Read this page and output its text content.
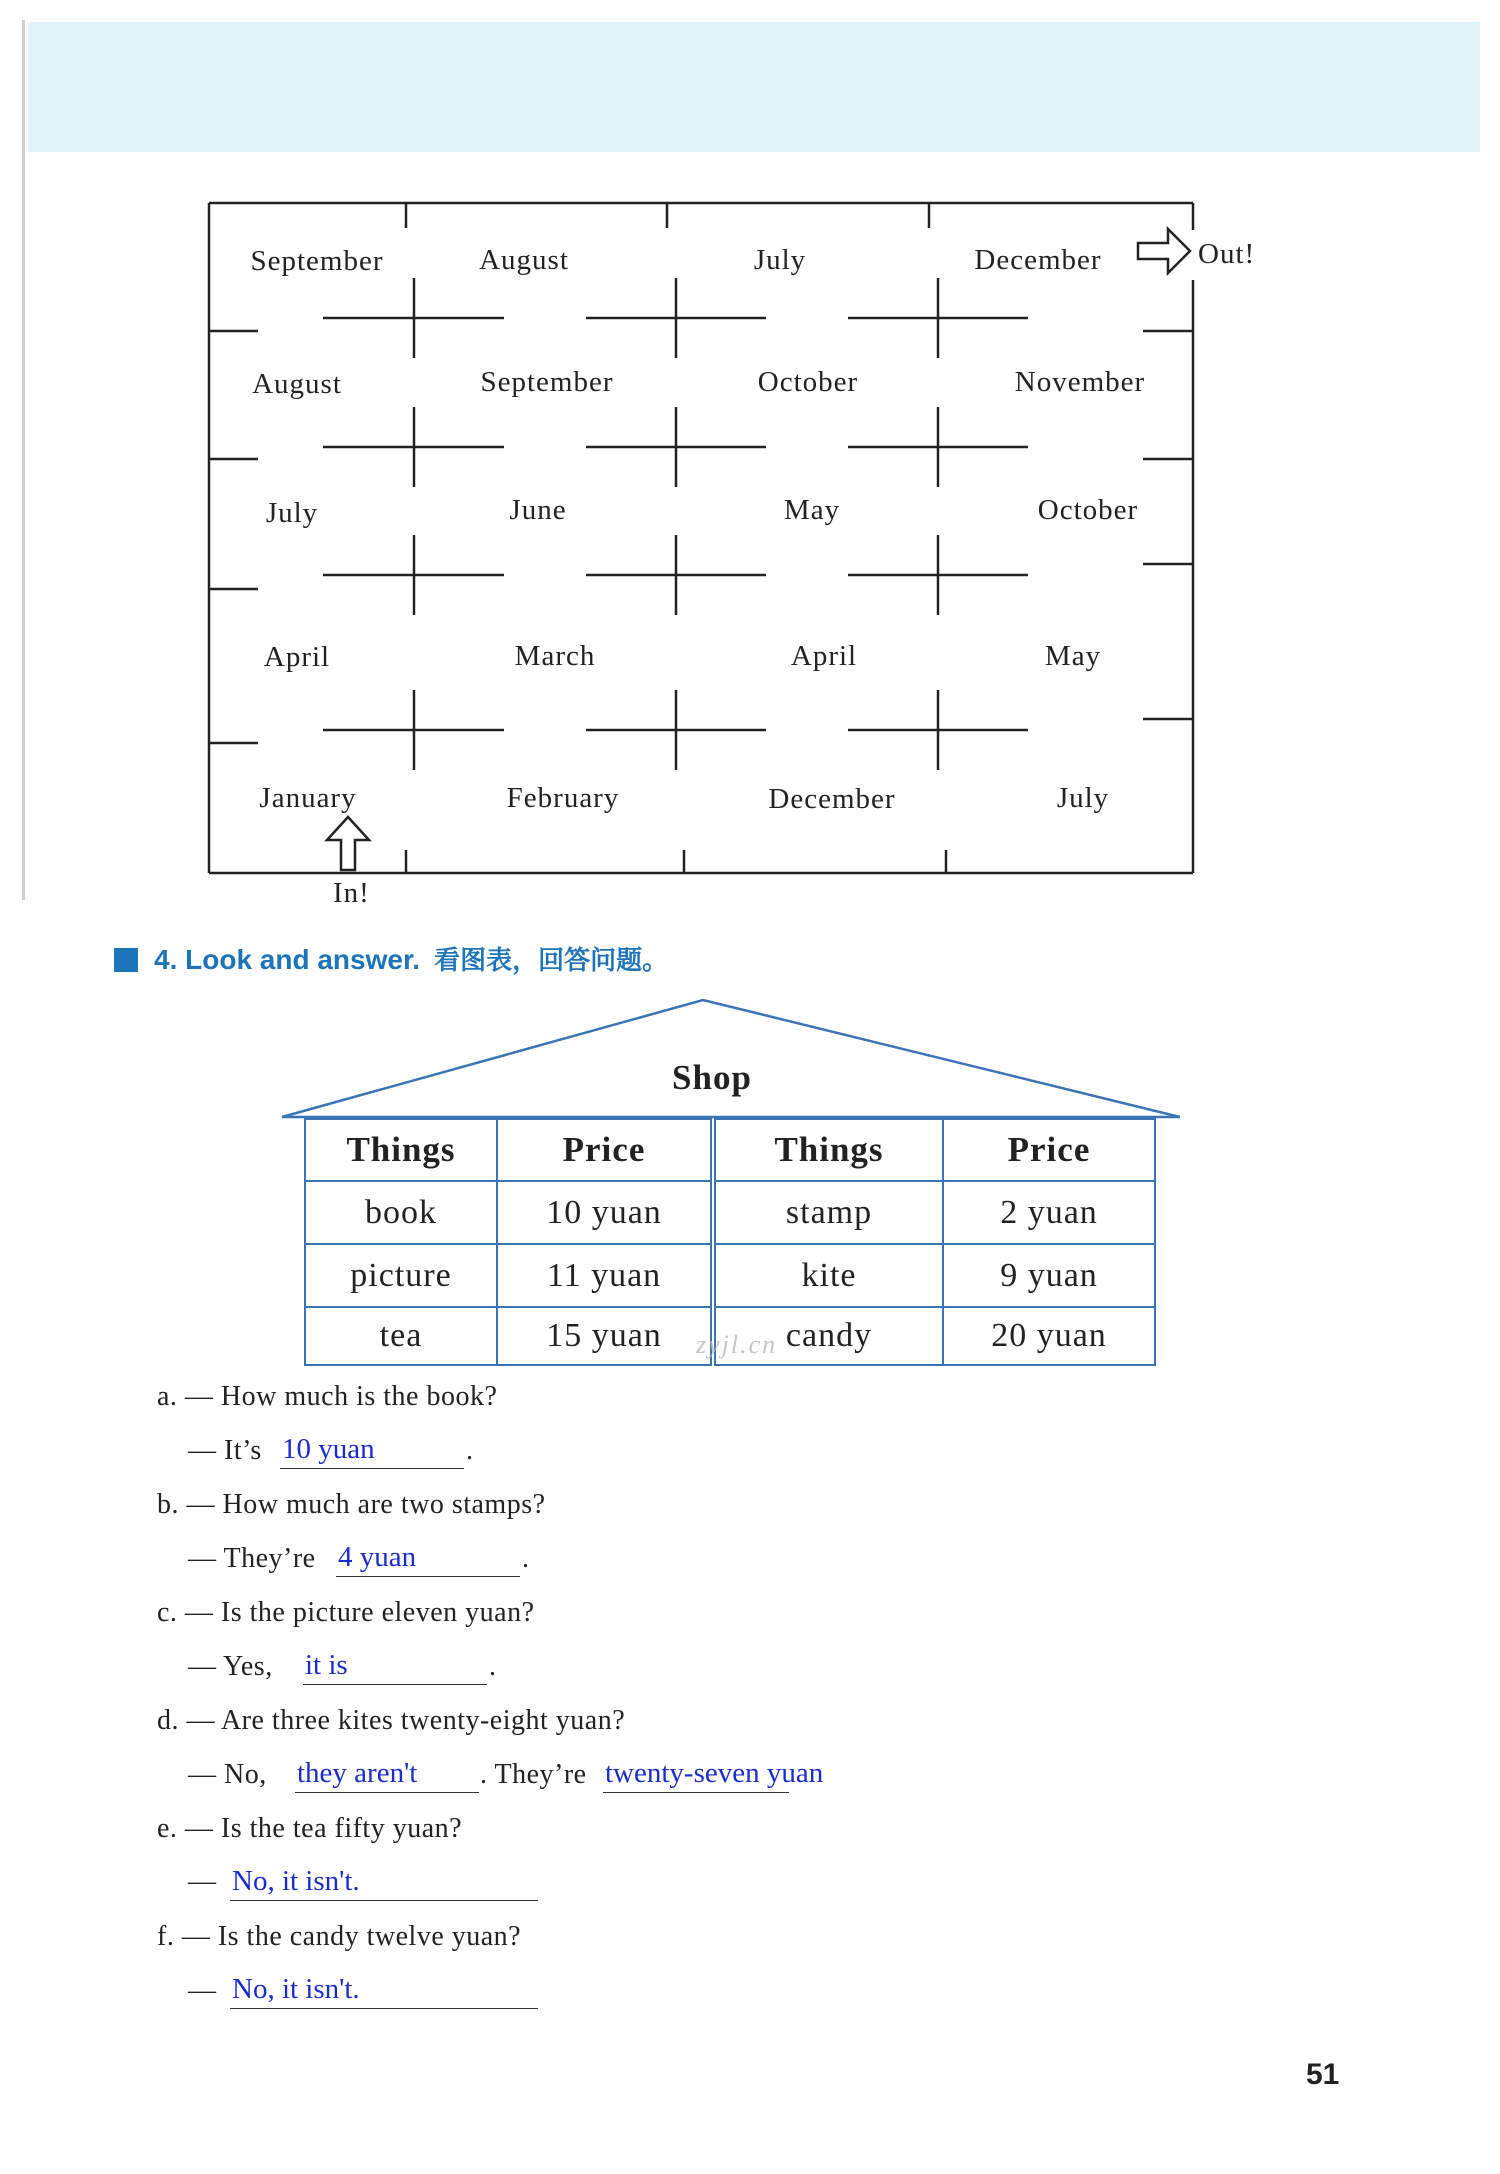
September	August	July	December
August	September	October	November
July	June	May	October
April	March	April	May
January	February	December	July
Out!
In!
4. Look and answer. 看图表，回答问题。
Shop
Things	Price	Things	Price
book	10 yuan	stamp	2 yuan
picture	11 yuan	kite	9 yuan
tea	15 yuan	candy	20 yuan
zyjl.cn
a. — How much is the book?
— It’s 10 yuan	.
b. — How much are two stamps?
— They’re 4 yuan	.
c. — Is the picture eleven yuan?
— Yes, it is	.
d. — Are three kites twenty-eight yuan?
— No, they aren't . They’re twenty-seven yuan
e. — Is the tea fifty yuan?
— No, it isn't.
f. — Is the candy twelve yuan?
— No, it isn't.
51
